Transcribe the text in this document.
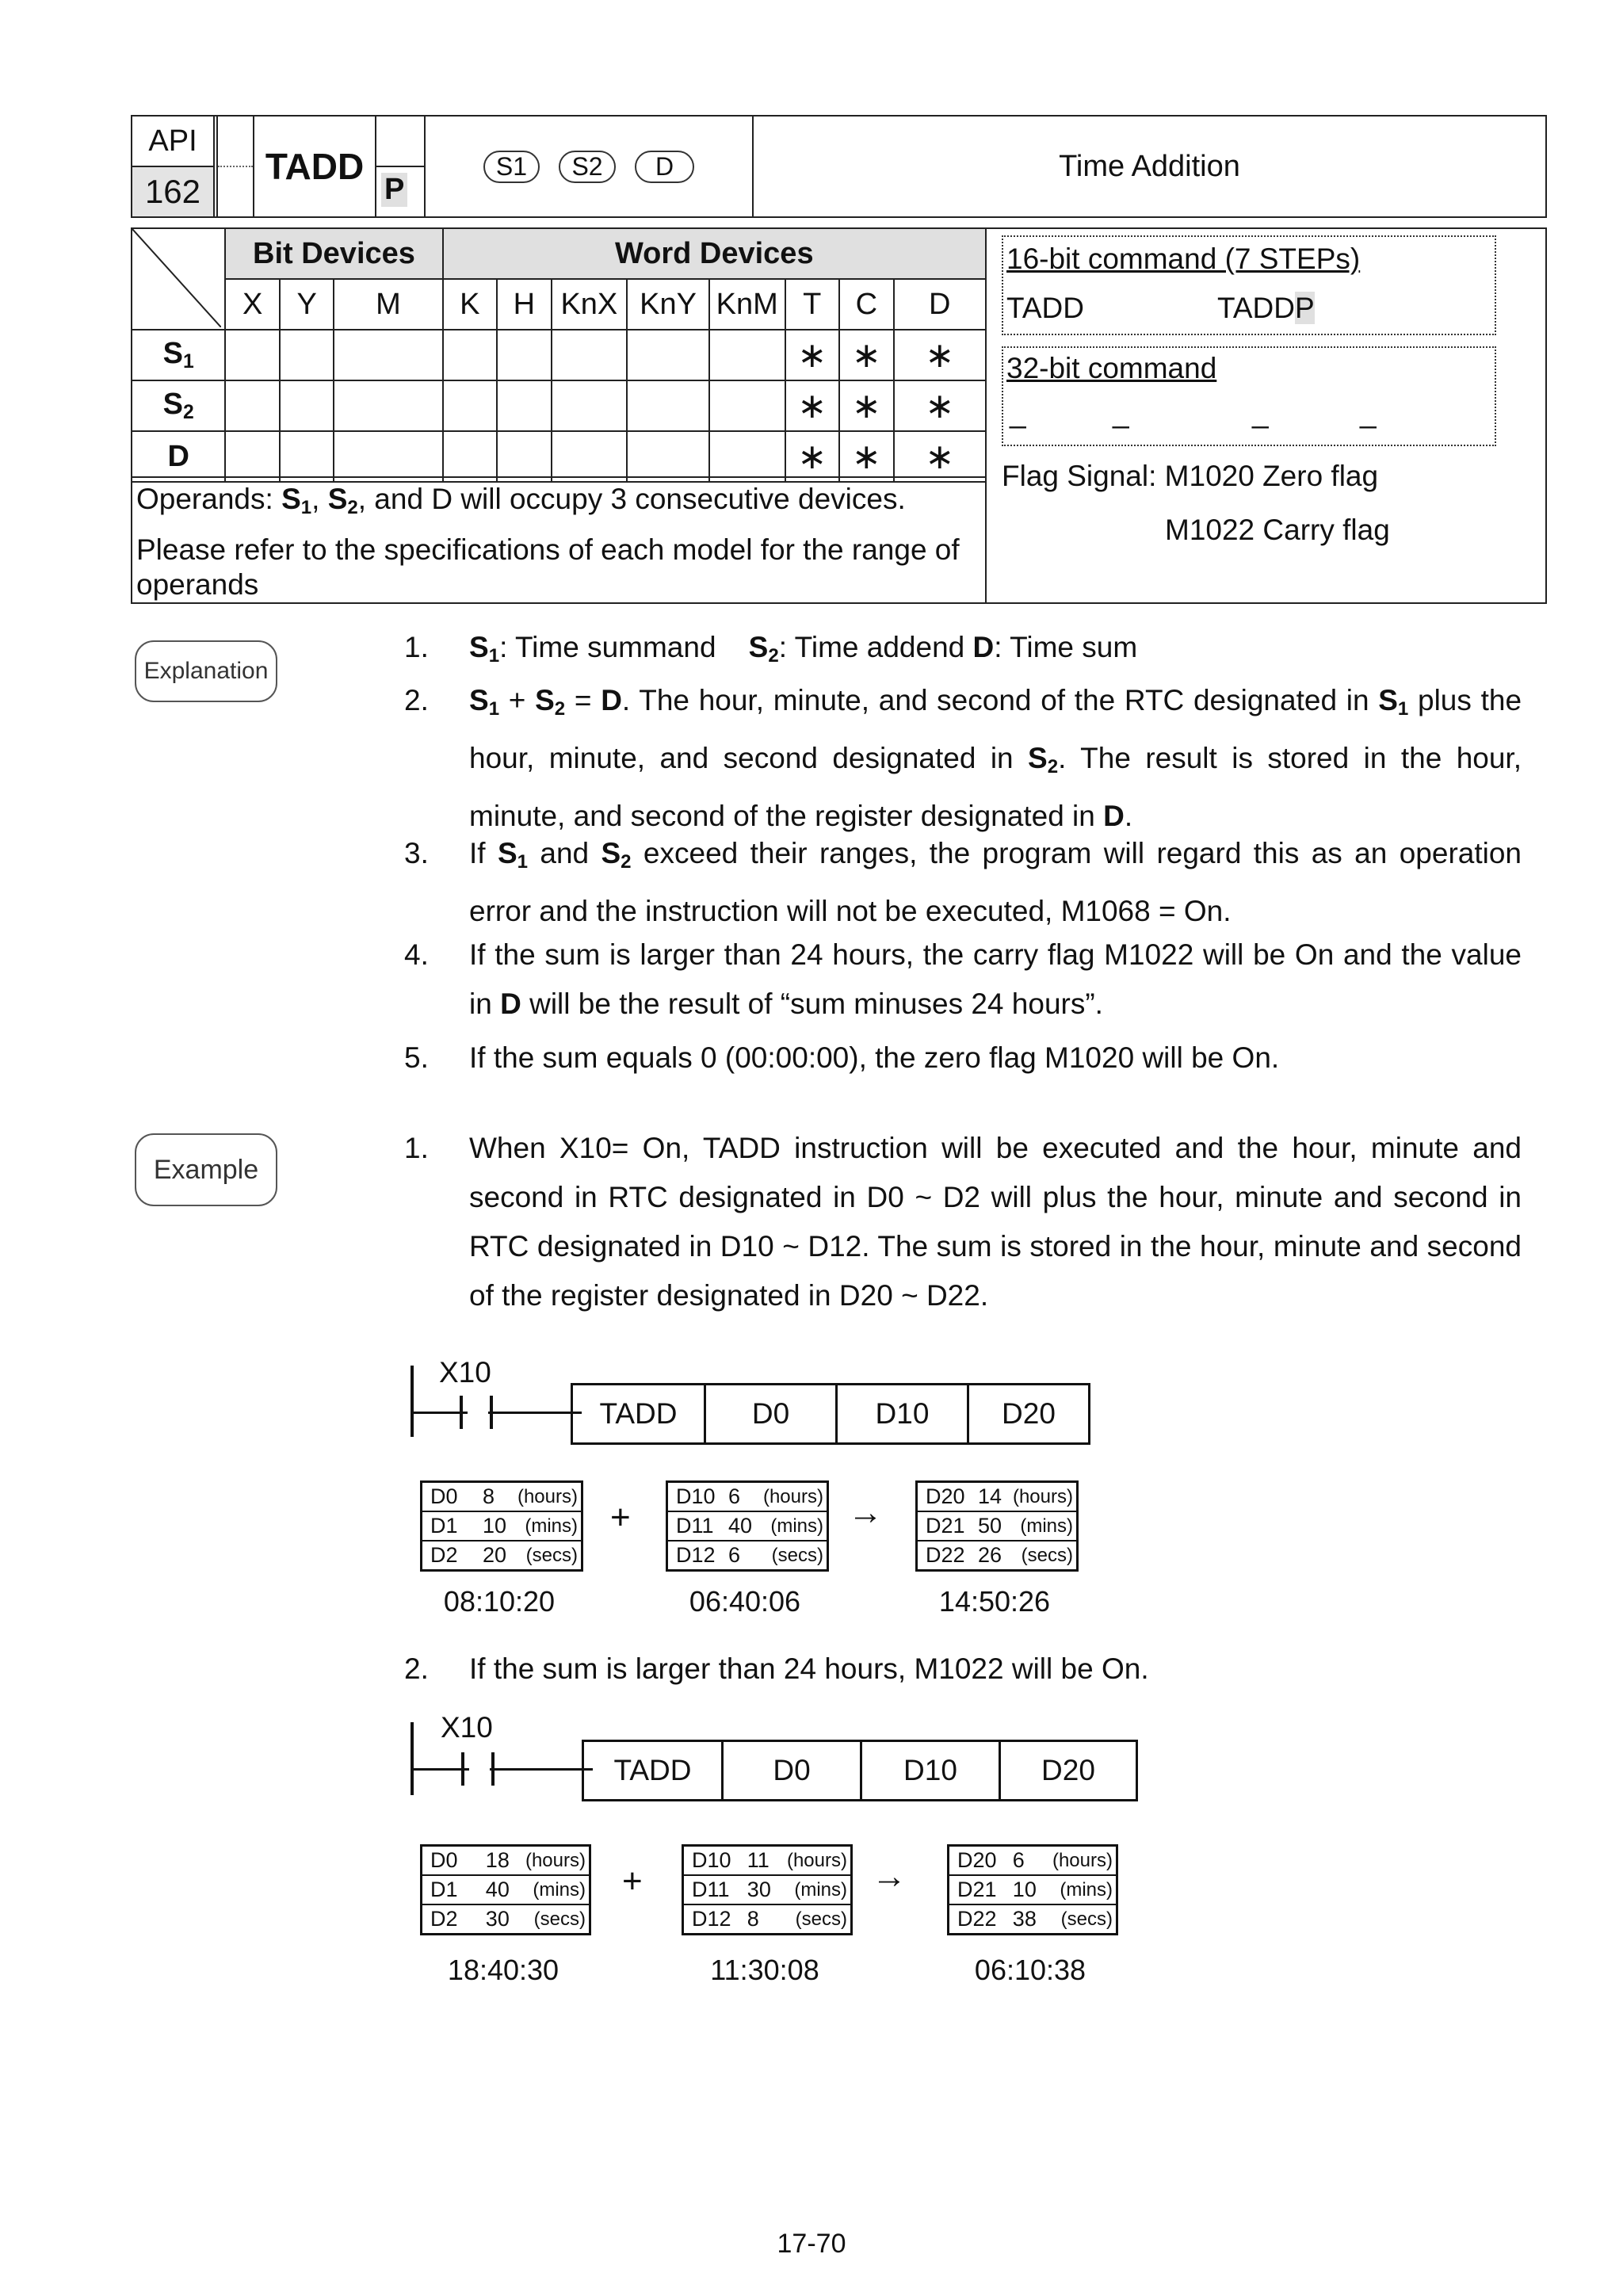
API
162

	TADD	
P
	S1 S2 D	Time Addition
	Bit Devices			Word Devices							
	X	Y	M	K	H	KnX	KnY	KnM	T	C	D
$S_1$									∗	∗	∗
$S_2$									∗	∗	∗
D									∗	∗	∗
Operands: $S_1$, $S_2$, and D will occupy 3 consecutive devices.
Please refer to the specifications of each model for the range of operands
16-bit command (7 STEPs)
TADD	TADDP
32-bit command
_	_	_	_
Flag Signal: M1020 Zero flag
M1022 Carry flag
Explanation
1. $S_1$: Time summand $S_2$: Time addend D: Time sum
2. $S_1 + S_2 = D$. The hour, minute, and second of the RTC designated in $S_1$ plus the hour, minute, and second designated in $S_2$. The result is stored in the hour, minute, and second of the register designated in D.
3. If $S_1$ and $S_2$ exceed their ranges, the program will regard this as an operation error and the instruction will not be executed, M1068 = On.
4. If the sum is larger than 24 hours, the carry flag M1022 will be On and the value in D will be the result of “sum minuses 24 hours”.
5. If the sum equals 0 (00:00:00), the zero flag M1020 will be On.
Example
1. When X10= On, TADD instruction will be executed and the hour, minute and second in RTC designated in D0 ~ D2 will plus the hour, minute and second in RTC designated in D10 ~ D12. The sum is stored in the hour, minute and second of the register designated in D20 ~ D22.
2. If the sum is larger than 24 hours, M1022 will be On.
X10
TADD	D0	D10	D20
D0 8 (hours)
D1 10 (mins)
D2 20 (secs)
08:10:20
D10 6 (hours)
D11 40 (mins)
D12 6 (secs)
06:40:06
D20 14 (hours)
D21 50 (mins)
D22 26 (secs)
14:50:26
+	→
X10
TADD	D0	D10	D20
D0 18 (hours)
D1 40 (mins)
D2 30 (secs)
18:40:30
D10 11 (hours)
D11 30 (mins)
D12 8 (secs)
11:30:08
D20 6 (hours)
D21 10 (mins)
D22 38 (secs)
06:10:38
+	→
17-70
